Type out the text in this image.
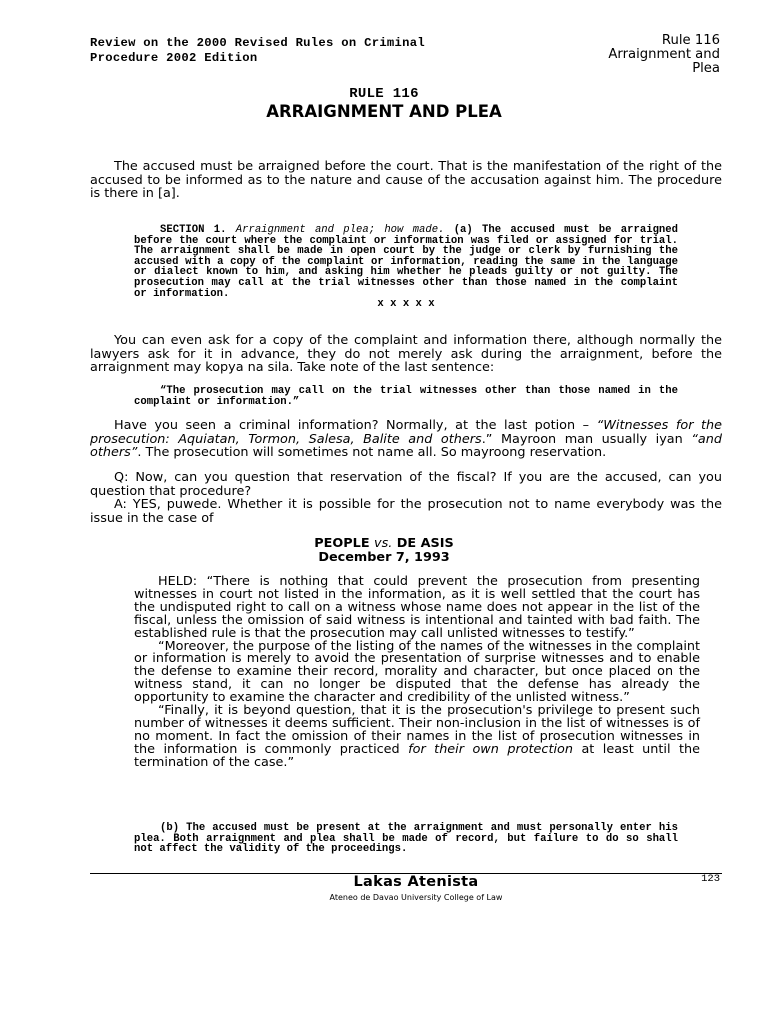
Review on the 2000 Revised Rules on Criminal
Procedure 2002 Edition
Rule 116
Arraignment and
Plea
RULE 116
ARRAIGNMENT AND PLEA

The accused must be arraigned before the court. That is the manifestation of the right of the accused to be informed as to the nature and cause of the accusation against him. The procedure is there in [a].

SECTION 1. Arraignment and plea; how made. (a) The accused must be arraigned before the court where the complaint or information was filed or assigned for trial. The arraignment shall be made in open court by the judge or clerk by furnishing the accused with a copy of the complaint or information, reading the same in the language or dialect known to him, and asking him whether he pleads guilty or not guilty. The prosecution may call at the trial witnesses other than those named in the complaint or information.

x x x x x

You can even ask for a copy of the complaint and information there, although normally the lawyers ask for it in advance, they do not merely ask during the arraignment, before the arraignment may kopya na sila. Take note of the last sentence:

“The prosecution may call on the trial witnesses other than those named in the complaint or information.”

Have you seen a criminal information? Normally, at the last potion – “Witnesses for the prosecution: Aquiatan, Tormon, Salesa, Balite and others.” Mayroon man usually iyan “and others”. The prosecution will sometimes not name all. So mayroong reservation.

Q: Now, can you question that reservation of the fiscal? If you are the accused, can you question that procedure?

A: YES, puwede. Whether it is possible for the prosecution not to name everybody was the issue in the case of

PEOPLE vs. DE ASIS
December 7, 1993

HELD: “There is nothing that could prevent the prosecution from presenting witnesses in court not listed in the information, as it is well settled that the court has the undisputed right to call on a witness whose name does not appear in the list of the fiscal, unless the omission of said witness is intentional and tainted with bad faith. The established rule is that the prosecution may call unlisted witnesses to testify.”

“Moreover, the purpose of the listing of the names of the witnesses in the complaint or information is merely to avoid the presentation of surprise witnesses and to enable the defense to examine their record, morality and character, but once placed on the witness stand, it can no longer be disputed that the defense has already the opportunity to examine the character and credibility of the unlisted witness.”

“Finally, it is beyond question, that it is the prosecution's privilege to present such number of witnesses it deems sufficient. Their non-inclusion in the list of witnesses is of no moment. In fact the omission of their names in the list of prosecution witnesses in the information is commonly practiced for their own protection at least until the termination of the case.”

(b) The accused must be present at the arraignment and must personally enter his plea. Both arraignment and plea shall be made of record, but failure to do so shall not affect the validity of the proceedings.

123
Lakas Atenista
Ateneo de Davao University College of Law
